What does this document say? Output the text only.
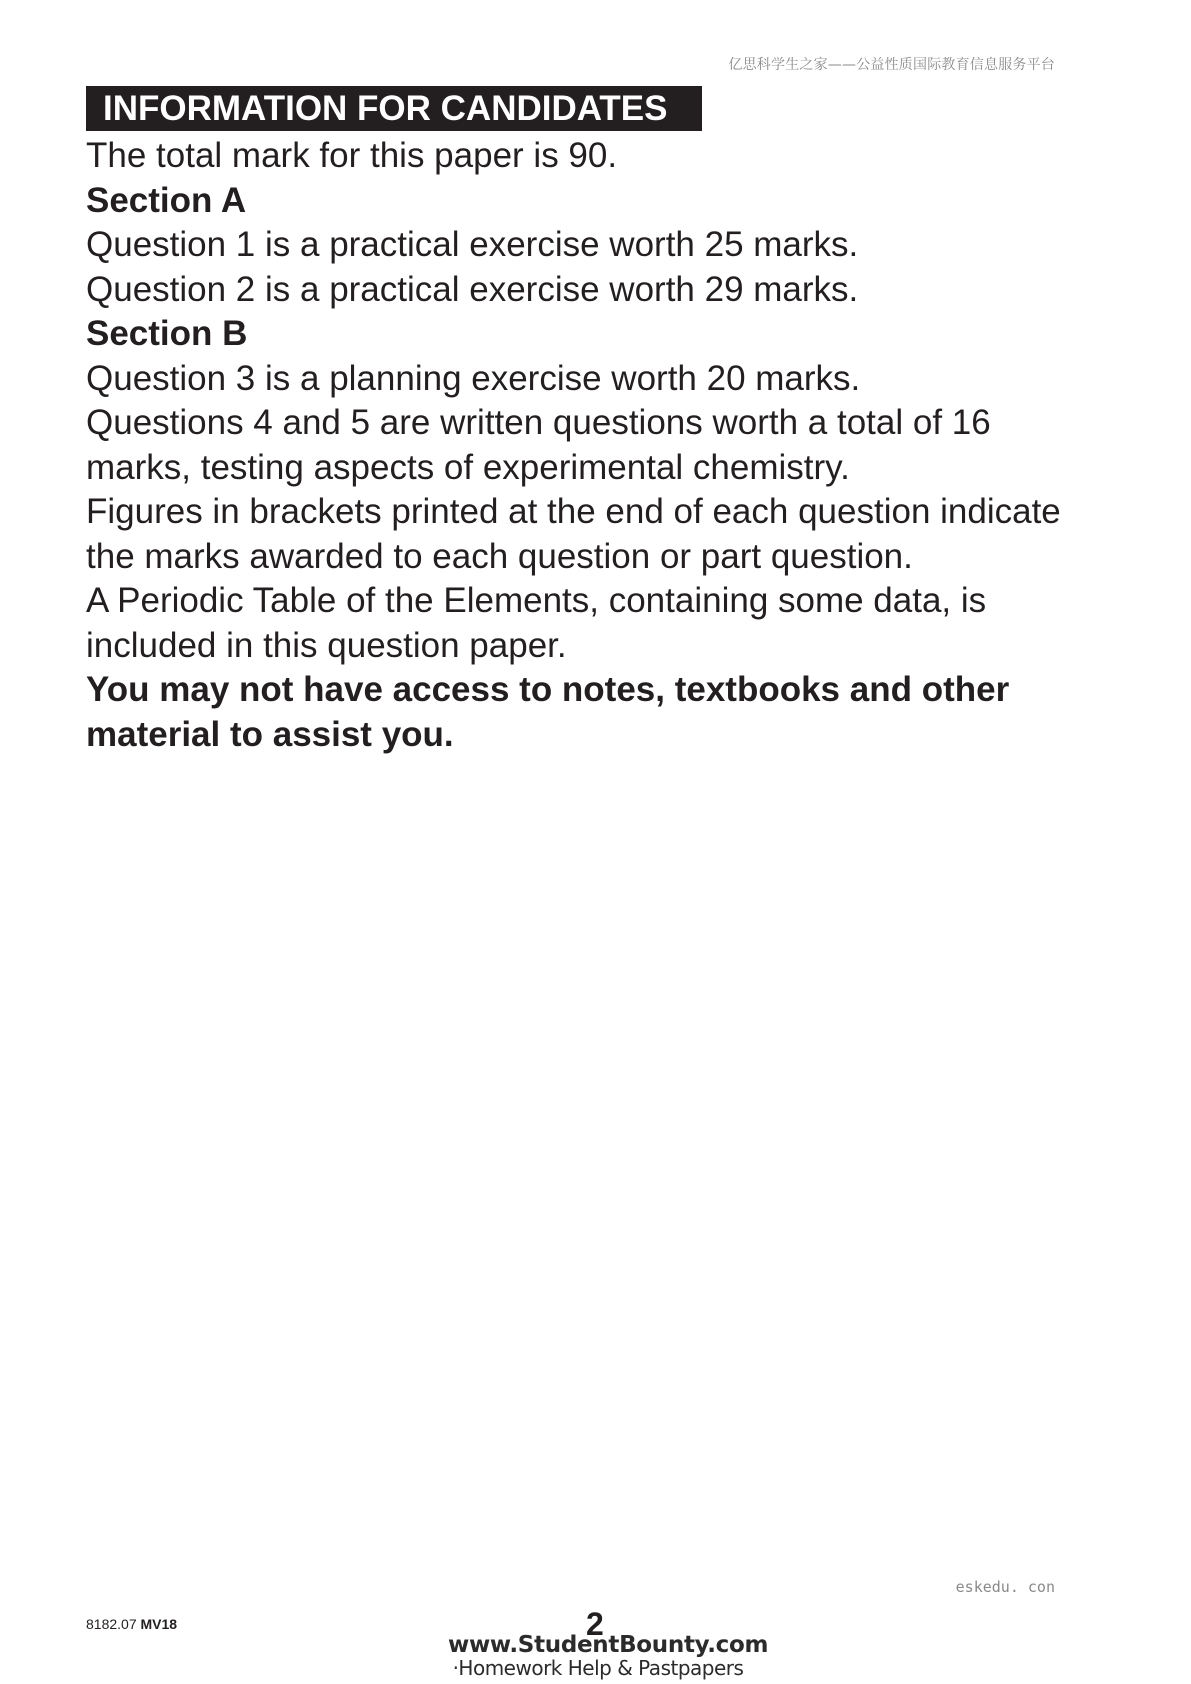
亿思科学生之家——公益性质国际教育信息服务平台
INFORMATION FOR CANDIDATES

The total mark for this paper is 90.

Section A

Question 1 is a practical exercise worth 25 marks.

Question 2 is a practical exercise worth 29 marks.

Section B

Question 3 is a planning exercise worth 20 marks.

Questions 4 and 5 are written questions worth a total of 16

marks, testing aspects of experimental chemistry.

Figures in brackets printed at the end of each question indicate

the marks awarded to each question or part question.

A Periodic Table of the Elements, containing some data, is

included in this question paper.

You may not have access to notes, textbooks and other

material to assist you.

eskedu. con
8182.07 MV18	2
www.StudentBounty.com
·Homework Help & Pastpapers
